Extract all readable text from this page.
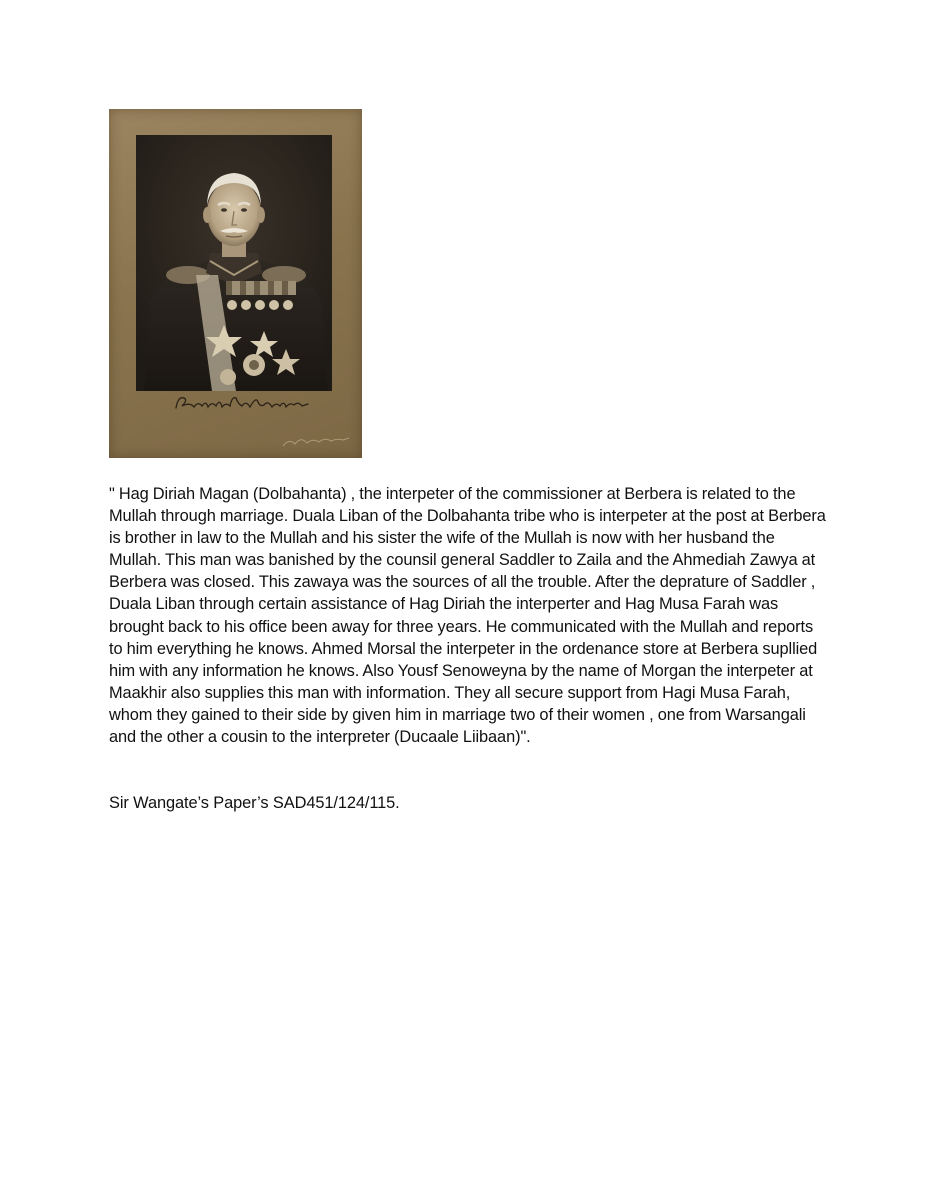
" Hag Diriah Magan (Dolbahanta) , the interpeter of the commissioner at Berbera is related to the Mullah through marriage. Duala Liban of the Dolbahanta tribe who is interpeter at the post at Berbera is brother in law to the Mullah and his sister the wife of the Mullah is now with her husband the Mullah. This man was banished by the counsil general Saddler to Zaila and the Ahmediah Zawya at Berbera was closed. This zawaya was the sources of all the trouble. After the deprature of Saddler , Duala Liban through certain assistance of Hag Diriah the interperter and Hag Musa Farah was brought back to his office been away for three years. He communicated with the Mullah and reports to him everything he knows. Ahmed Morsal the interpeter in the ordenance store at Berbera supllied him with any information he knows. Also Yousf Senoweyna by the name of Morgan the interpeter at Maakhir also supplies this man with information. They all secure support from Hagi Musa Farah, whom they gained to their side by given him in marriage two of their women , one from Warsangali and the other a cousin to the interpreter (Ducaale Liibaan)".

Sir Wangate’s Paper’s SAD451/124/115.
